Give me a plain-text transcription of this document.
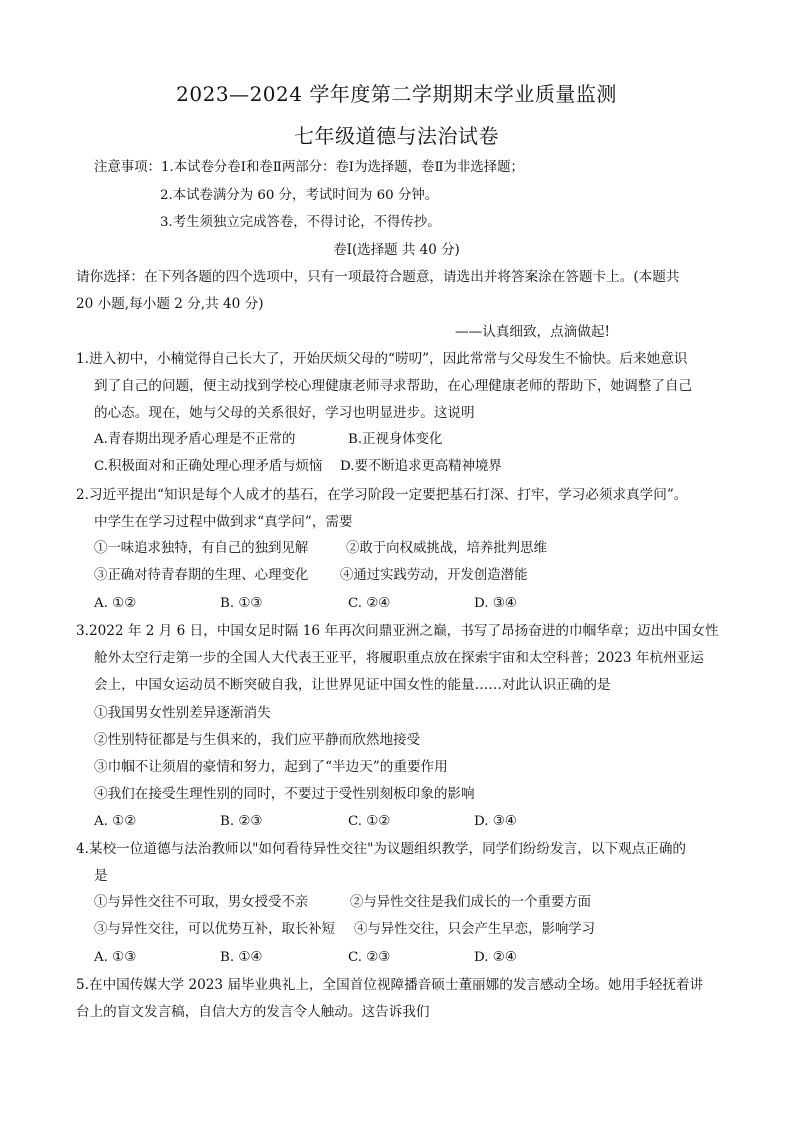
2023—2024 学年度第二学期期末学业质量监测
七年级道德与法治试卷
注意事项：1.本试卷分卷Ⅰ和卷Ⅱ两部分：卷Ⅰ为选择题，卷Ⅱ为非选择题；
2.本试卷满分为 60 分，考试时间为 60 分钟。
3.考生须独立完成答卷，不得讨论，不得传抄。
卷Ⅰ(选择题 共 40 分)
请你选择：在下列各题的四个选项中，只有一项最符合题意，请选出并将答案涂在答题卡上。(本题共
20 小题,每小题 2 分,共 40 分)
——认真细致，点滴做起!
1.进入初中，小楠觉得自己长大了，开始厌烦父母的“唠叨”，因此常常与父母发生不愉快。后来她意识
到了自己的问题，便主动找到学校心理健康老师寻求帮助，在心理健康老师的帮助下，她调整了自己
的心态。现在，她与父母的关系很好，学习也明显进步。这说明
A.青春期出现矛盾心理是不正常的	B.正视身体变化
C.积极面对和正确处理心理矛盾与烦恼 D.要不断追求更高精神境界
2.习近平提出“知识是每个人成才的基石，在学习阶段一定要把基石打深、打牢，学习必须求真学问”。
中学生在学习过程中做到求“真学问”，需要
①一味追求独特，有自己的独到见解	②敢于向权威挑战，培养批判思维
③正确对待青春期的生理、心理变化 ④通过实践劳动，开发创造潜能
A. ①②	B. ①③	C. ②④	D. ③④
3.2022 年 2 月 6 日，中国女足时隔 16 年再次问鼎亚洲之巅，书写了昂扬奋进的巾帼华章；迈出中国女性
舱外太空行走第一步的全国人大代表王亚平，将履职重点放在探索宇宙和太空科普；2023 年杭州亚运
会上，中国女运动员不断突破自我，让世界见证中国女性的能量……对此认识正确的是
①我国男女性别差异逐渐消失
②性别特征都是与生俱来的，我们应平静而欣然地接受
③巾帼不让须眉的豪情和努力，起到了“半边天”的重要作用
④我们在接受生理性别的同时，不要过于受性别刻板印象的影响
A. ①②	B. ②③	C. ①②	D. ③④
4.某校一位道德与法治教师以"如何看待异性交往"为议题组织教学，同学们纷纷发言，以下观点正确的
是
①与异性交往不可取，男女授受不亲	②与异性交往是我们成长的一个重要方面
③与异性交往，可以优势互补，取长补短 ④与异性交往，只会产生早恋，影响学习
A. ①③	B. ①④	C. ②③	D. ②④
5.在中国传媒大学 2023 届毕业典礼上，全国首位视障播音硕士董丽娜的发言感动全场。她用手轻抚着讲
台上的盲文发言稿，自信大方的发言令人触动。这告诉我们
